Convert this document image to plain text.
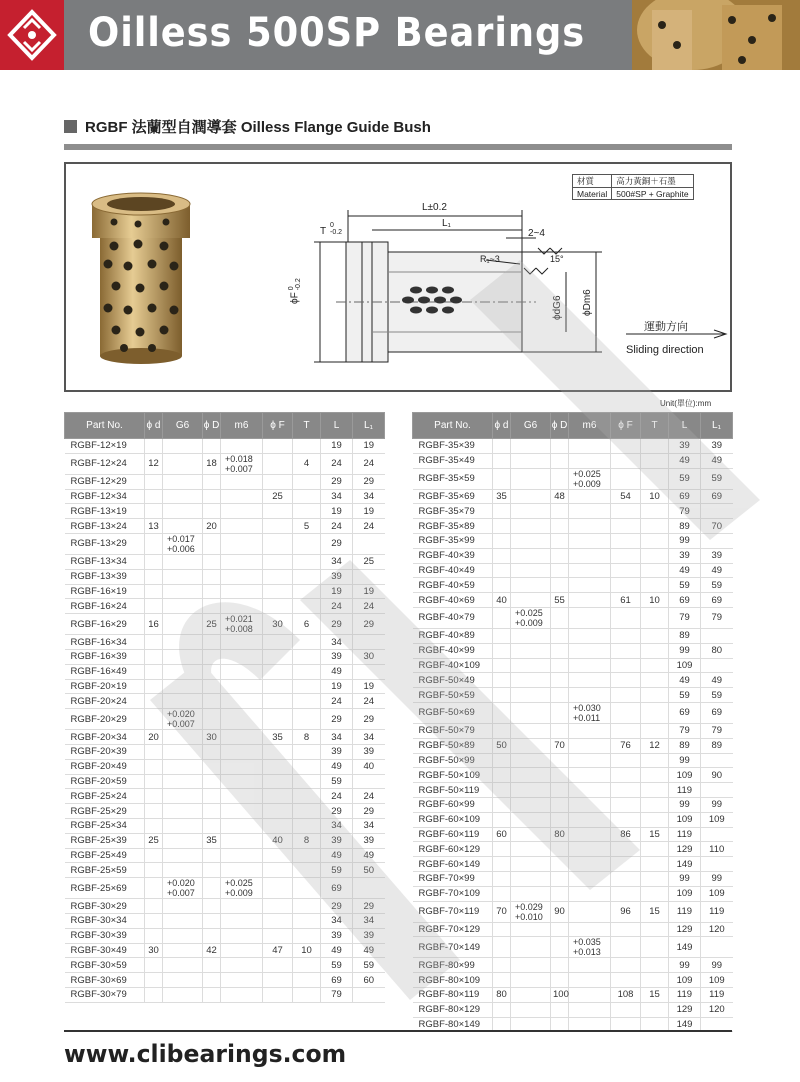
Oilless 500SP Bearings
RGBF 法蘭型自潤導套 Oilless Flange Guide Bush
材質	高力黃銅＋石墨
Material	500#SP + Graphite
L±0.2
L₁
T
0
-0.2	2~4
R₁~3	15°
ϕF
0 -0.2
ϕdG6 ϕDm6
運動方向
Sliding direction
Unit(單位):mm
Part No.	ϕ d	G6	ϕ D	m6	ϕ F	T	L	L₁
RGBF-12×19							19	19
RGBF-12×24	12		18	+0.018
+0.007		4	24	24
RGBF-12×29							29	29
RGBF-12×34					25		34	34
RGBF-13×19							19	19
RGBF-13×24	13		20			5	24	24
RGBF-13×29		+0.017
+0.006					29	
RGBF-13×34							34	25
RGBF-13×39							39	
RGBF-16×19							19	19
RGBF-16×24							24	24
RGBF-16×29	16		25	+0.021
+0.008	30	6	29	29
RGBF-16×34							34	
RGBF-16×39							39	30
RGBF-16×49							49	
RGBF-20×19							19	19
RGBF-20×24							24	24
RGBF-20×29		+0.020
+0.007					29	29
RGBF-20×34	20		30		35	8	34	34
RGBF-20×39							39	39
RGBF-20×49							49	40
RGBF-20×59							59	
RGBF-25×24							24	24
RGBF-25×29							29	29
RGBF-25×34							34	34
RGBF-25×39	25		35		40	8	39	39
RGBF-25×49							49	49
RGBF-25×59							59	50
RGBF-25×69		+0.020
+0.007		+0.025
+0.009			69	
RGBF-30×29							29	29
RGBF-30×34							34	34
RGBF-30×39							39	39
RGBF-30×49	30		42		47	10	49	49
RGBF-30×59							59	59
RGBF-30×69							69	60
RGBF-30×79							79	
Part No.	ϕ d	G6	ϕ D	m6	ϕ F	T	L	L₁
RGBF-35×39							39	39
RGBF-35×49							49	49
RGBF-35×59				+0.025
+0.009			59	59
RGBF-35×69	35		48		54	10	69	69
RGBF-35×79							79	
RGBF-35×89							89	70
RGBF-35×99							99	
RGBF-40×39							39	39
RGBF-40×49							49	49
RGBF-40×59							59	59
RGBF-40×69	40		55		61	10	69	69
RGBF-40×79		+0.025
+0.009					79	79
RGBF-40×89							89	
RGBF-40×99							99	80
RGBF-40×109							109	
RGBF-50×49							49	49
RGBF-50×59							59	59
RGBF-50×69				+0.030
+0.011			69	69
RGBF-50×79							79	79
RGBF-50×89	50		70		76	12	89	89
RGBF-50×99							99	
RGBF-50×109							109	90
RGBF-50×119							119	
RGBF-60×99							99	99
RGBF-60×109							109	109
RGBF-60×119	60		80		86	15	119	
RGBF-60×129							129	110
RGBF-60×149							149	
RGBF-70×99							99	99
RGBF-70×109							109	109
RGBF-70×119	70	+0.029
+0.010	90		96	15	119	119
RGBF-70×129							129	120
RGBF-70×149				+0.035
+0.013			149	
RGBF-80×99							99	99
RGBF-80×109							109	109
RGBF-80×119	80		100		108	15	119	119
RGBF-80×129							129	120
RGBF-80×149							149	
www.clibearings.com
